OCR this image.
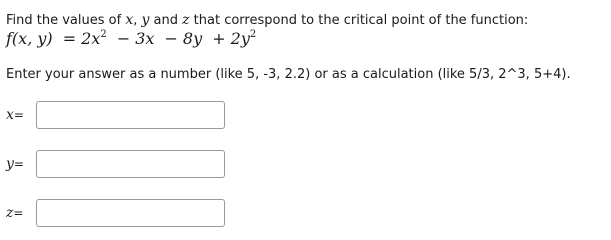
Find the values of x, y and z that correspond to the critical point of the function:
f(x, $y) = 2x^2 - 3x - 8y + 2y^2$
Enter your answer as a number (like 5, -3, 2.2) or as a calculation (like 5/3, 2^3, 5+4).
x=
y=
z=
